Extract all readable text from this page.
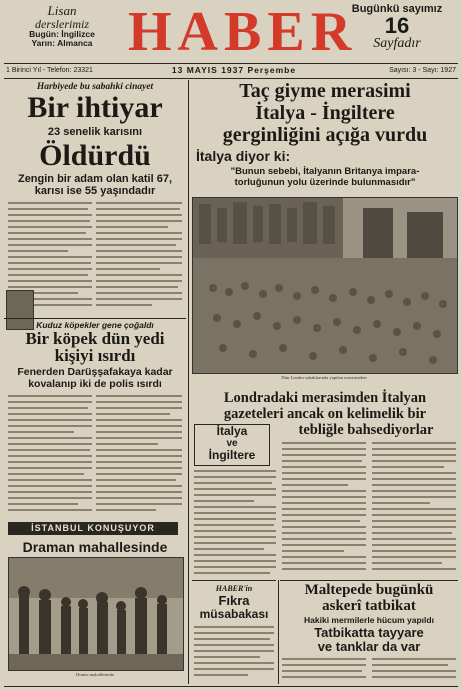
Lisan
derslerimiz
Bugün: İngilizce
Yarın: Almanca HABER
Bugünkü sayımız
16
Sayfadır
1 Birinci Yıl - Telefon: 23321	13 MAYIS 1937 Perşembe	Sayısı: 3 - Sayı: 1927
Harbiyede bu sabahki cinayet
Bir ihtiyar
23 senelik karısını
Öldürdü
Zengin bir adam olan katil 67,
karısı ise 55 yaşındadır
Kuduz köpekler gene çoğaldı
Bir köpek dün yedi
kişiyi ısırdı
Fenerden Darüşşafakaya kadar
kovalanıp iki de polis ısırdı
İSTANBUL KONUŞUYOR
Draman mahallesinde
Drama mahallesinde
Taç giyme merasimi
İtalya - İngiltere
gerginliğini açığa vurdu
İtalya diyor ki:
"Bunun sebebi, İtalyanın Britanya impara-
torluğunun yolu üzerinde bulunmasıdır"
Dün Londra sokaklarında yapılan merasimden
Londradaki merasimden İtalyan
gazeteleri ancak on kelimelik bir
tebliğle bahsediyorlar
İtalya
ve
İngiltere
HABER'in
Fıkra
müsabakası
Maltepede bugünkü
askerî tatbikat
Hakiki mermilerle hücum yapıldı
Tatbikatta tayyare
ve tanklar da var
